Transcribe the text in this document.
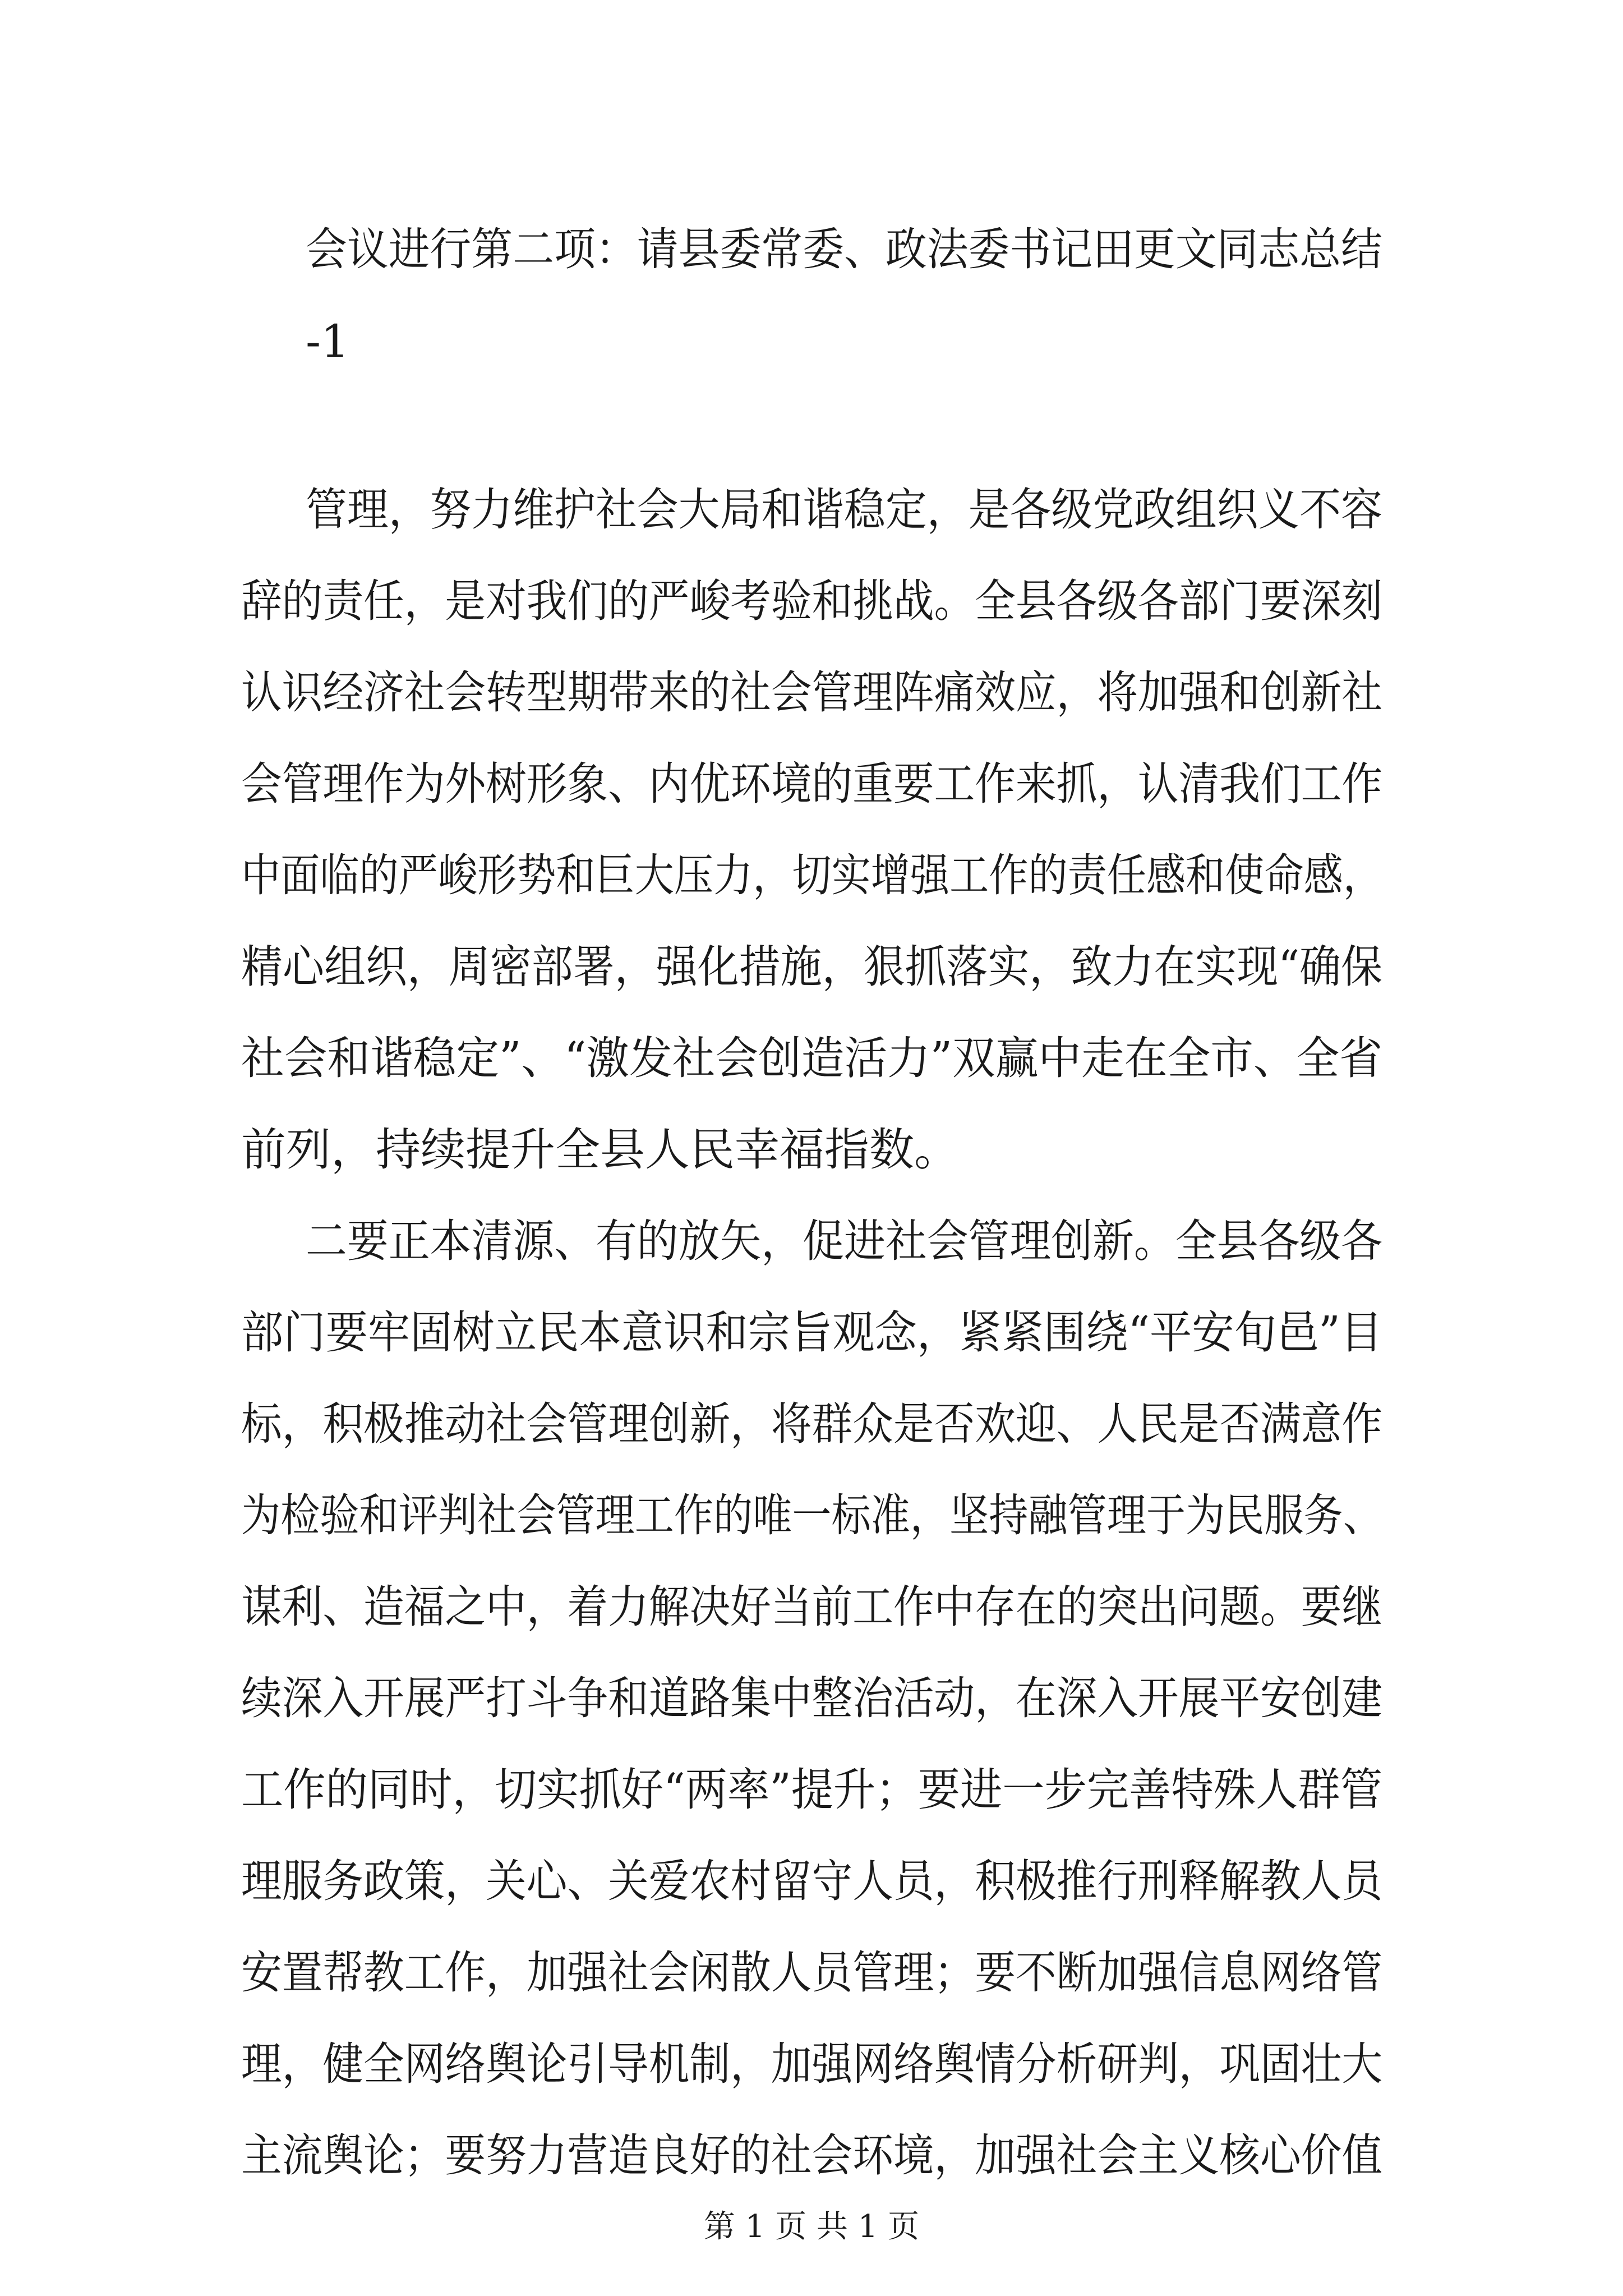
会议进行第二项：请县委常委、政法委书记田更文同志总结
-1
管理，努力维护社会大局和谐稳定，是各级党政组织义不容
辞的责任，是对我们的严峻考验和挑战。全县各级各部门要深刻
认识经济社会转型期带来的社会管理阵痛效应，将加强和创新社
会管理作为外树形象、内优环境的重要工作来抓，认清我们工作
中面临的严峻形势和巨大压力，切实增强工作的责任感和使命感，
精心组织，周密部署，强化措施，狠抓落实，致力在实现“确保
社会和谐稳定”、“激发社会创造活力”双赢中走在全市、全省
前列，持续提升全县人民幸福指数。
二要正本清源、有的放矢，促进社会管理创新。全县各级各
部门要牢固树立民本意识和宗旨观念，紧紧围绕“平安旬邑”目
标，积极推动社会管理创新，将群众是否欢迎、人民是否满意作
为检验和评判社会管理工作的唯一标准，坚持融管理于为民服务、
谋利、造福之中，着力解决好当前工作中存在的突出问题。要继
续深入开展严打斗争和道路集中整治活动，在深入开展平安创建
工作的同时，切实抓好“两率”提升；要进一步完善特殊人群管
理服务政策，关心、关爱农村留守人员，积极推行刑释解教人员
安置帮教工作，加强社会闲散人员管理；要不断加强信息网络管
理，健全网络舆论引导机制，加强网络舆情分析研判，巩固壮大
主流舆论；要努力营造良好的社会环境，加强社会主义核心价值
第 1 页 共 1 页
